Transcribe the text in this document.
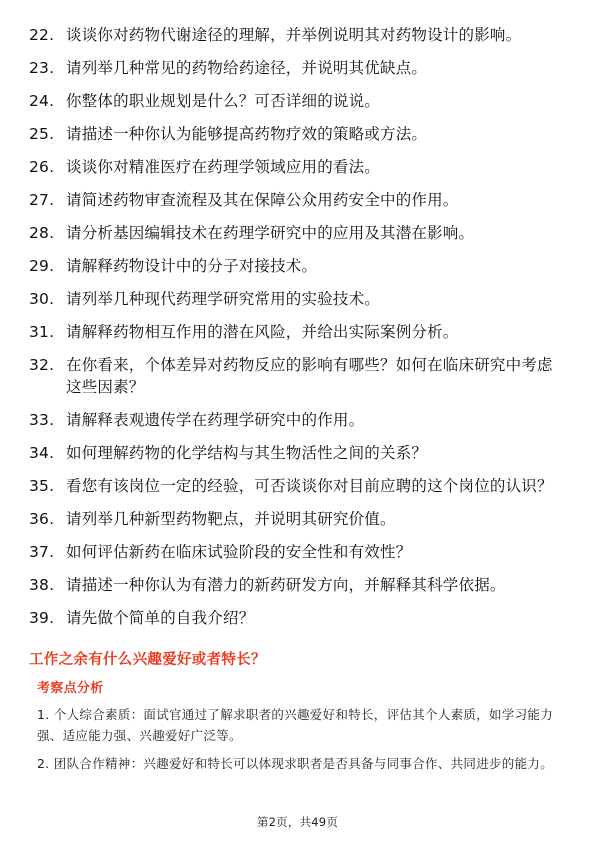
22. 谈谈你对药物代谢途径的理解，并举例说明其对药物设计的影响。
23. 请列举几种常见的药物给药途径，并说明其优缺点。
24. 你整体的职业规划是什么？可否详细的说说。
25. 请描述一种你认为能够提高药物疗效的策略或方法。
26. 谈谈你对精准医疗在药理学领域应用的看法。
27. 请简述药物审查流程及其在保障公众用药安全中的作用。
28. 请分析基因编辑技术在药理学研究中的应用及其潜在影响。
29. 请解释药物设计中的分子对接技术。
30. 请列举几种现代药理学研究常用的实验技术。
31. 请解释药物相互作用的潜在风险，并给出实际案例分析。
32. 在你看来，个体差异对药物反应的影响有哪些？如何在临床研究中考虑这些因素？
33. 请解释表观遗传学在药理学研究中的作用。
34. 如何理解药物的化学结构与其生物活性之间的关系？
35. 看您有该岗位一定的经验，可否谈谈你对目前应聘的这个岗位的认识？
36. 请列举几种新型药物靶点，并说明其研究价值。
37. 如何评估新药在临床试验阶段的安全性和有效性？
38. 请描述一种你认为有潜力的新药研发方向，并解释其科学依据。
39. 请先做个简单的自我介绍？
工作之余有什么兴趣爱好或者特长？
考察点分析
1. 个人综合素质：面试官通过了解求职者的兴趣爱好和特长，评估其个人素质，如学习能力强、适应能力强、兴趣爱好广泛等。
2. 团队合作精神：兴趣爱好和特长可以体现求职者是否具备与同事合作、共同进步的能力。
第2页，共49页
